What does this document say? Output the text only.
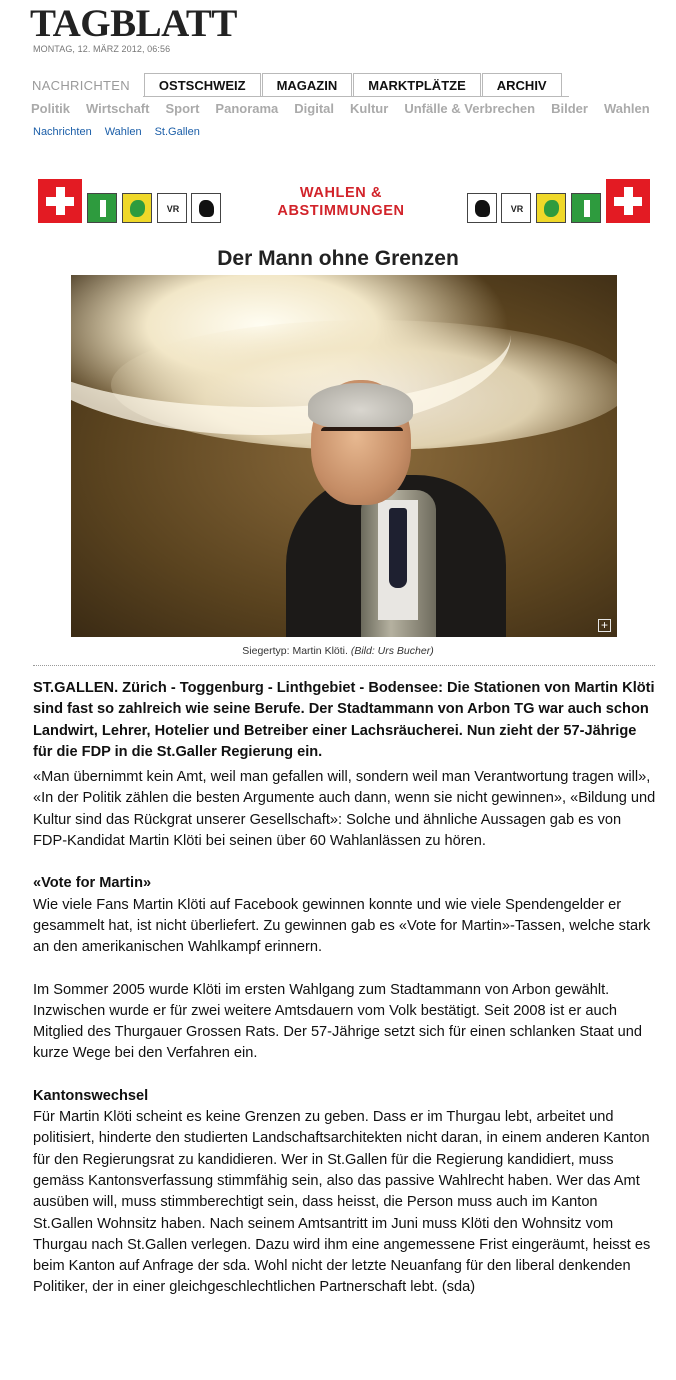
TAGBLATT
MONTAG, 12. MÄRZ 2012, 06:56
NACHRICHTEN	OSTSCHWEIZ	MAGAZIN	MARKTPLÄTZE	ARCHIV
Politik Wirtschaft Sport Panorama Digital Kultur Unfälle & Verbrechen Bilder Wahlen
Nachrichten Wahlen St.Gallen
VR
WAHLEN &
ABSTIMMUNGEN	VR
Der Mann ohne Grenzen
+
Siegertyp: Martin Klöti. (Bild: Urs Bucher)

ST.GALLEN. Zürich - Toggenburg - Linthgebiet - Bodensee: Die Stationen von Martin Klöti sind fast so zahlreich wie seine Berufe. Der Stadtammann von Arbon TG war auch schon Landwirt, Lehrer, Hotelier und Betreiber einer Lachsräucherei. Nun zieht der 57-Jährige für die FDP in die St.Galler Regierung ein.

«Man übernimmt kein Amt, weil man gefallen will, sondern weil man Verantwortung tragen will», «In der Politik zählen die besten Argumente auch dann, wenn sie nicht gewinnen», «Bildung und Kultur sind das Rückgrat unserer Gesellschaft»: Solche und ähnliche Aussagen gab es von FDP-Kandidat Martin Klöti bei seinen über 60 Wahlanlässen zu hören.

«Vote for Martin»

Wie viele Fans Martin Klöti auf Facebook gewinnen konnte und wie viele Spendengelder er gesammelt hat, ist nicht überliefert. Zu gewinnen gab es «Vote for Martin»-Tassen, welche stark an den amerikanischen Wahlkampf erinnern.

Im Sommer 2005 wurde Klöti im ersten Wahlgang zum Stadtammann von Arbon gewählt. Inzwischen wurde er für zwei weitere Amtsdauern vom Volk bestätigt. Seit 2008 ist er auch Mitglied des Thurgauer Grossen Rats. Der 57-Jährige setzt sich für einen schlanken Staat und kurze Wege bei den Verfahren ein.

Kantonswechsel

Für Martin Klöti scheint es keine Grenzen zu geben. Dass er im Thurgau lebt, arbeitet und politisiert, hinderte den studierten Landschaftsarchitekten nicht daran, in einem anderen Kanton für den Regierungsrat zu kandidieren. Wer in St.Gallen für die Regierung kandidiert, muss gemäss Kantonsverfassung stimmfähig sein, also das passive Wahlrecht haben. Wer das Amt ausüben will, muss stimmberechtigt sein, dass heisst, die Person muss auch im Kanton St.Gallen Wohnsitz haben. Nach seinem Amtsantritt im Juni muss Klöti den Wohnsitz vom Thurgau nach St.Gallen verlegen. Dazu wird ihm eine angemessene Frist eingeräumt, heisst es beim Kanton auf Anfrage der sda. Wohl nicht der letzte Neuanfang für den liberal denkenden Politiker, der in einer gleichgeschlechtlichen Partnerschaft lebt. (sda)
